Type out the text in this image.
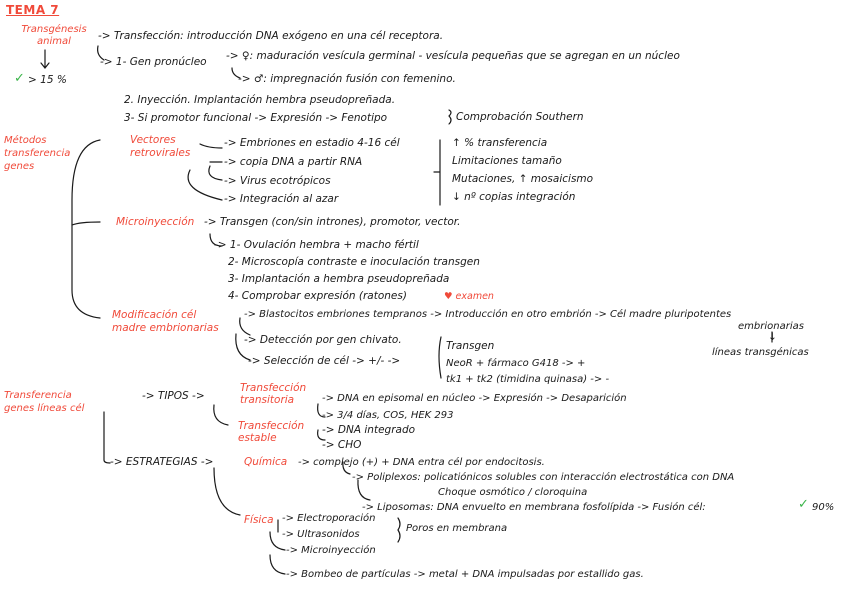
TEMA 7
Transgénesis animal
✓ > 15 %
-> Transfección: introducción DNA exógeno en una cél receptora.
-> 1- Gen pronúcleo -> ♀: maduración vesícula germinal - vesícula pequeñas que se agregan en un núcleo
-> ♂: impregnación fusión con femenino.
2. Inyección. Implantación hembra pseudopreñada.
3- Si promotor funcional -> Expresión -> Fenotipo	Comprobación Southern
Métodos transferencia genes
Vectores retrovirales
-> Embriones en estadio 4-16 cél
-> copia DNA a partir RNA
-> Virus ecotrópicos
-> Integración al azar
↑ % transferencia
Limitaciones tamaño
Mutaciones, ↑ mosaicismo
↓ nº copias integración
Microinyección -> Transgen (con/sin intrones), promotor, vector.
-> 1- Ovulación hembra + macho fértil
2- Microscopía contraste e inoculación transgen
3- Implantación a hembra pseudopreñada
4- Comprobar expresión (ratones)	♥ examen
Modificación cél madre embrionarias
-> Blastocitos embriones tempranos -> Introducción en otro embrión -> Cél madre pluripotentes
embrionarias
↓
líneas transgénicas
-> Detección por gen chivato.
-> Selección de cél -> +/- ->
Transgen
NeoR + fármaco G418 -> +
tk1 + tk2 (timidina quinasa) -> -
Transferencia genes líneas cél
-> TIPOS ->
Transfección transitoria	-> DNA en episomal en núcleo -> Expresión -> Desaparición
-> 3/4 días, COS, HEK 293
Transfección estable
-> DNA integrado
-> CHO
-> ESTRATEGIAS ->	Química -> complejo (+) + DNA entra cél por endocitosis.
-> Poliplexos: policatiónicos solubles con interacción electrostática con DNA
Choque osmótico / cloroquina
-> Liposomas: DNA envuelto en membrana fosfolípida -> Fusión cél:	✓ 90%
Física -> Electroporación
-> Ultrasonidos
Poros en membrana
-> Microinyección
-> Bombeo de partículas -> metal + DNA impulsadas por estallido gas.
